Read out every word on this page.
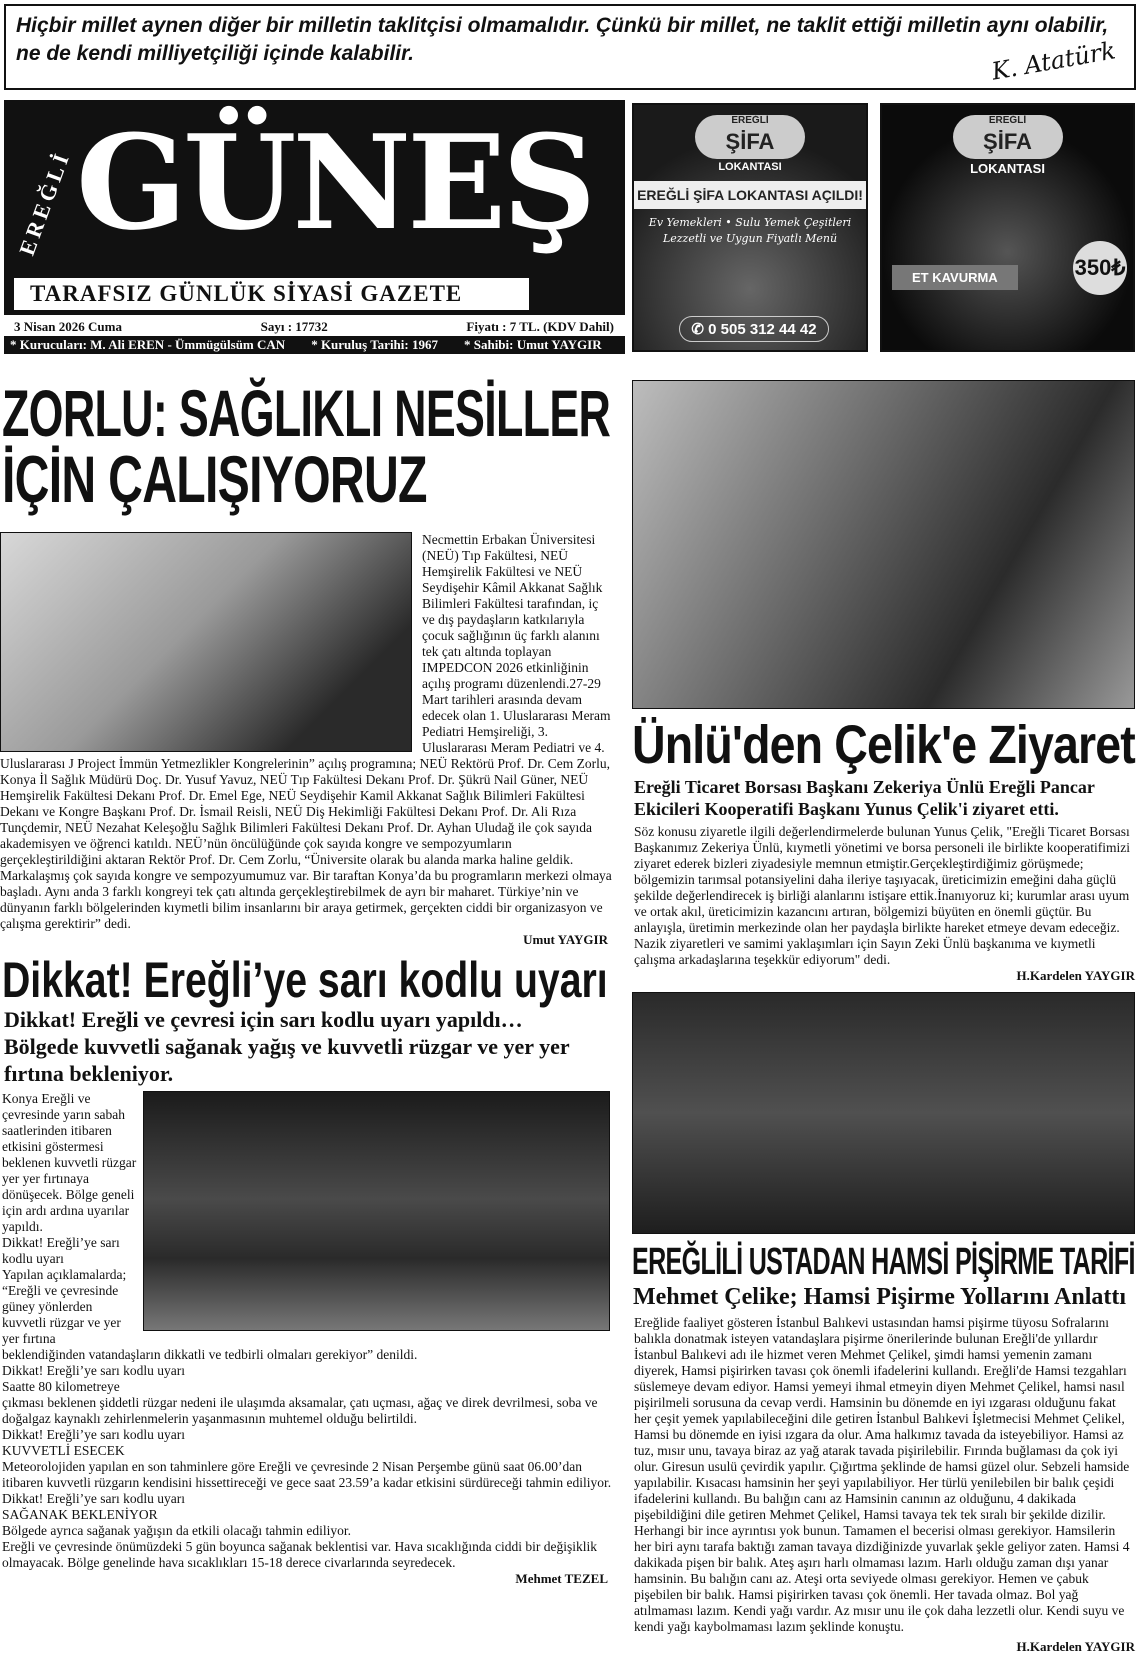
K. Atatürk
Hiçbir millet aynen diğer bir milletin taklitçisi olmamalıdır. Çünkü bir millet, ne taklit ettiği milletin aynı olabilir, ne de kendi milliyetçiliği içinde kalabilir.
EREĞLİ GÜNEŞ
TARAFSIZ GÜNLÜK SİYASİ GAZETE
3 Nisan 2026 Cuma	Sayı : 17732	Fiyatı : 7 TL. (KDV Dahil)
* Kurucuları: M. Ali EREN - Ümmügülsüm CAN * Kuruluş Tarihi: 1967 * Sahibi: Umut YAYGIR
EREĞLİ
ŞİFA
LOKANTASI
EREĞLİ ŞİFA LOKANTASI AÇILDI!
Ev Yemekleri • Sulu Yemek Çeşitleri
Lezzetli ve Uygun Fiyatlı Menü
✆ 0 505 312 44 42
EREĞLİ
ŞİFA
LOKANTASI
ET KAVURMA	350₺
ZORLU: SAĞLIKLI NESİLLER
İÇİN ÇALIŞIYORUZ
Necmettin Erbakan Üniversitesi (NEÜ) Tıp Fakültesi, NEÜ Hemşirelik Fakültesi ve NEÜ Seydişehir Kâmil Akkanat Sağlık Bilimleri Fakültesi tarafından, iç ve dış paydaşların katkılarıyla çocuk sağlığının üç farklı alanını tek çatı altında toplayan IMPEDCON 2026 etkinliğinin açılış programı düzenlendi.27-29 Mart tarihleri arasında devam edecek olan 1. Uluslararası Meram Pediatri Hemşireliği, 3. Uluslararası Meram Pediatri ve 4. Uluslararası J Project İmmün Yetmezlikler Kongrelerinin” açılış programına; NEÜ Rektörü Prof. Dr. Cem Zorlu, Konya İl Sağlık Müdürü Doç. Dr. Yusuf Yavuz, NEÜ Tıp Fakültesi Dekanı Prof. Dr. Şükrü Nail Güner, NEÜ Hemşirelik Fakültesi Dekanı Prof. Dr. Emel Ege, NEÜ Seydişehir Kamil Akkanat Sağlık Bilimleri Fakültesi Dekanı ve Kongre Başkanı Prof. Dr. İsmail Reisli, NEÜ Diş Hekimliği Fakültesi Dekanı Prof. Dr. Ali Rıza Tunçdemir, NEÜ Nezahat Keleşoğlu Sağlık Bilimleri Fakültesi Dekanı Prof. Dr. Ayhan Uludağ ile çok sayıda akademisyen ve öğrenci katıldı. NEÜ’nün öncülüğünde çok sayıda kongre ve sempozyumların gerçekleştirildiğini aktaran Rektör Prof. Dr. Cem Zorlu, “Üniversite olarak bu alanda marka haline geldik. Markalaşmış çok sayıda kongre ve sempozyumumuz var. Bir taraftan Konya’da bu programların merkezi olmaya başladı. Aynı anda 3 farklı kongreyi tek çatı altında gerçekleştirebilmek de ayrı bir maharet. Türkiye’nin ve dünyanın farklı bölgelerinden kıymetli bilim insanlarını bir araya getirmek, gerçekten ciddi bir organizasyon ve çalışma gerektirir” dedi.
Umut YAYGIR
Dikkat! Ereğli’ye sarı kodlu uyarı
Dikkat! Ereğli ve çevresi için sarı kodlu uyarı yapıldı… Bölgede kuvvetli sağanak yağış ve kuvvetli rüzgar ve yer yer fırtına bekleniyor.

Konya Ereğli ve çevresinde yarın sabah saatlerinden itibaren etkisini göstermesi beklenen kuvvetli rüzgar yer yer fırtınaya dönüşecek. Bölge geneli için ardı ardına uyarılar yapıldı.

Dikkat! Ereğli’ye sarı kodlu uyarı

Yapılan açıklamalarda; “Ereğli ve çevresinde güney yönlerden kuvvetli rüzgar ve yer yer fırtına beklendiğinden vatandaşların dikkatli ve tedbirli olmaları gerekiyor” denildi.

Dikkat! Ereğli’ye sarı kodlu uyarı

Saatte 80 kilometreye

çıkması beklenen şiddetli rüzgar nedeni ile ulaşımda aksamalar, çatı uçması, ağaç ve direk devrilmesi, soba ve doğalgaz kaynaklı zehirlenmelerin yaşanmasının muhtemel olduğu belirtildi.

Dikkat! Ereğli’ye sarı kodlu uyarı

KUVVETLİ ESECEK

Meteorolojiden yapılan en son tahminlere göre Ereğli ve çevresinde 2 Nisan Perşembe günü saat 06.00’dan itibaren kuvvetli rüzgarın kendisini hissettireceği ve gece saat 23.59’a kadar etkisini sürdüreceği tahmin ediliyor.

Dikkat! Ereğli’ye sarı kodlu uyarı

SAĞANAK BEKLENİYOR

Bölgede ayrıca sağanak yağışın da etkili olacağı tahmin ediliyor.

Ereğli ve çevresinde önümüzdeki 5 gün boyunca sağanak beklentisi var. Hava sıcaklığında ciddi bir değişiklik olmayacak. Bölge genelinde hava sıcaklıkları 15-18 derece civarlarında seyredecek.

Mehmet TEZEL
Ünlü'den Çelik'e Ziyaret
Ereğli Ticaret Borsası Başkanı Zekeriya Ünlü Ereğli Pancar Ekicileri Kooperatifi Başkanı Yunus Çelik'i ziyaret etti.
Söz konusu ziyaretle ilgili değerlendirmelerde bulunan Yunus Çelik, "Ereğli Ticaret Borsası Başkanımız Zekeriya Ünlü, kıymetli yönetimi ve borsa personeli ile birlikte kooperatifimizi ziyaret ederek bizleri ziyadesiyle memnun etmiştir.Gerçekleştirdiğimiz görüşmede; bölgemizin tarımsal potansiyelini daha ileriye taşıyacak, üreticimizin emeğini daha güçlü şekilde değerlendirecek iş birliği alanlarını istişare ettik.İnanıyoruz ki; kurumlar arası uyum ve ortak akıl, üreticimizin kazancını artıran, bölgemizi büyüten en önemli güçtür. Bu anlayışla, üretimin merkezinde olan her paydaşla birlikte hareket etmeye devam edeceğiz. Nazik ziyaretleri ve samimi yaklaşımları için Sayın Zeki Ünlü başkanıma ve kıymetli çalışma arkadaşlarına teşekkür ediyorum" dedi.
H.Kardelen YAYGIR
EREĞLİLİ USTADAN HAMSİ PİŞİRME TARİFİ
Mehmet Çelike; Hamsi Pişirme Yollarını Anlattı
Ereğlide faaliyet gösteren İstanbul Balıkevi ustasından hamsi pişirme tüyosu Sofralarını balıkla donatmak isteyen vatandaşlara pişirme önerilerinde bulunan Ereğli'de yıllardır İstanbul Balıkevi adı ile hizmet veren Mehmet Çelikel, şimdi hamsi yemenin zamanı diyerek, Hamsi pişirirken tavası çok önemli ifadelerini kullandı. Ereğli'de Hamsi tezgahları süslemeye devam ediyor. Hamsi yemeyi ihmal etmeyin diyen Mehmet Çelikel, hamsi nasıl pişirilmeli sorusuna da cevap verdi. Hamsinin bu dönemde en iyi ızgarası olduğunu fakat her çeşit yemek yapılabileceğini dile getiren İstanbul Balıkevi İşletmecisi Mehmet Çelikel, Hamsi bu dönemde en iyisi ızgara da olur. Ama halkımız tavada da isteyebiliyor. Hamsi az tuz, mısır unu, tavaya biraz az yağ atarak tavada pişirilebilir. Fırında buğlaması da çok iyi olur. Giresun usulü çevirdik yapılır. Çığırtma şeklinde de hamsi güzel olur. Sebzeli hamside yapılabilir. Kısacası hamsinin her şeyi yapılabiliyor. Her türlü yenilebilen bir balık çeşidi ifadelerini kullandı. Bu balığın canı az Hamsinin canının az olduğunu, 4 dakikada pişebildiğini dile getiren Mehmet Çelikel, Hamsi tavaya tek tek sıralı bir şekilde dizilir. Herhangi bir ince ayrıntısı yok bunun. Tamamen el becerisi olması gerekiyor. Hamsilerin her biri aynı tarafa baktığı zaman tavaya dizdiğinizde yuvarlak şekle geliyor zaten. Hamsi 4 dakikada pişen bir balık. Ateş aşırı harlı olmaması lazım. Harlı olduğu zaman dışı yanar hamsinin. Bu balığın canı az. Ateşi orta seviyede olması gerekiyor. Hemen ve çabuk pişebilen bir balık. Hamsi pişirirken tavası çok önemli. Her tavada olmaz. Bol yağ atılmaması lazım. Kendi yağı vardır. Az mısır unu ile çok daha lezzetli olur. Kendi suyu ve kendi yağı kaybolmaması lazım şeklinde konuştu.
H.Kardelen YAYGIR
